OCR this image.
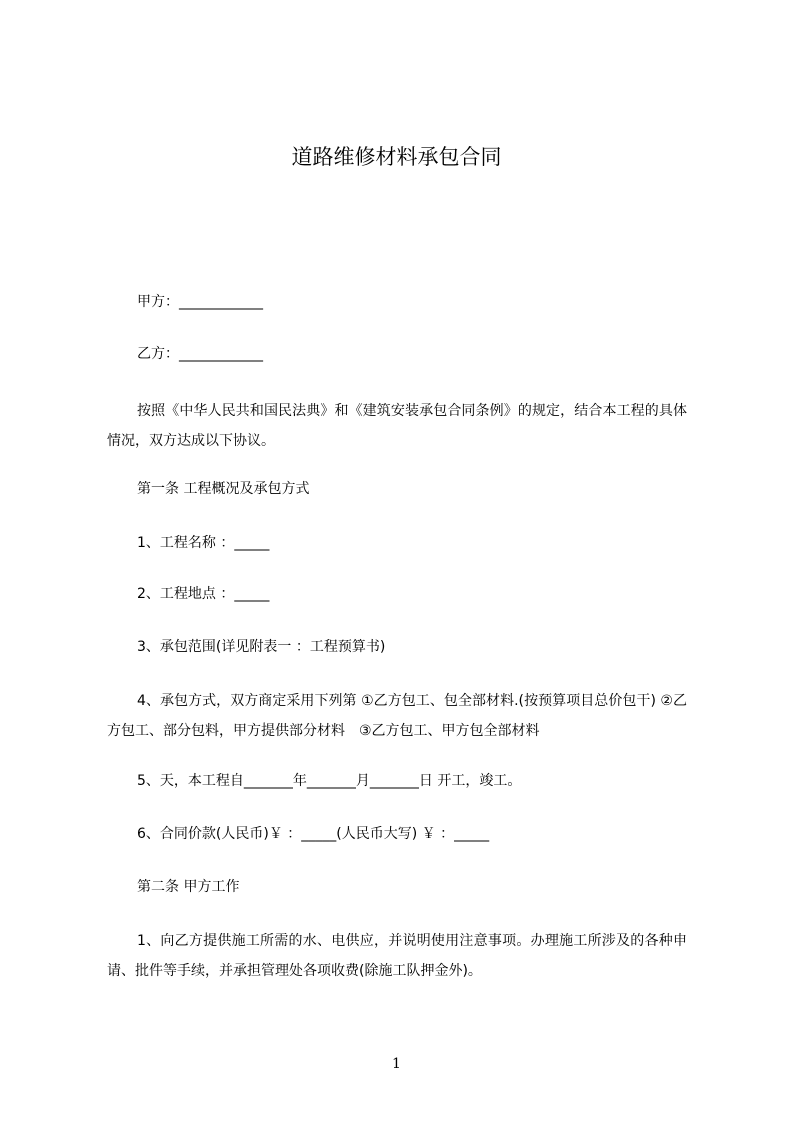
道路维修材料承包合同
甲方：____________
乙方：____________
按照《中华人民共和国民法典》和《建筑安装承包合同条例》的规定，结合本工程的具体情况，双方达成以下协议。
第一条 工程概况及承包方式
1、工程名称 ：_____
2、工程地点 ：_____
3、承包范围(详见附表一 ：工程预算书)
4、承包方式，双方商定采用下列第 ①乙方包工、包全部材料.(按预算项目总价包干) ②乙方包工、部分包料，甲方提供部分材料　③乙方包工、甲方包全部材料
5、天，本工程自_______年_______月_______日 开工，竣工。
6、合同价款(人民币)￥ ：_____(人民币大写) ￥ ：_____
第二条 甲方工作
1、向乙方提供施工所需的水、电供应，并说明使用注意事项。办理施工所涉及的各种申请、批件等手续，并承担管理处各项收费(除施工队押金外)。
1
